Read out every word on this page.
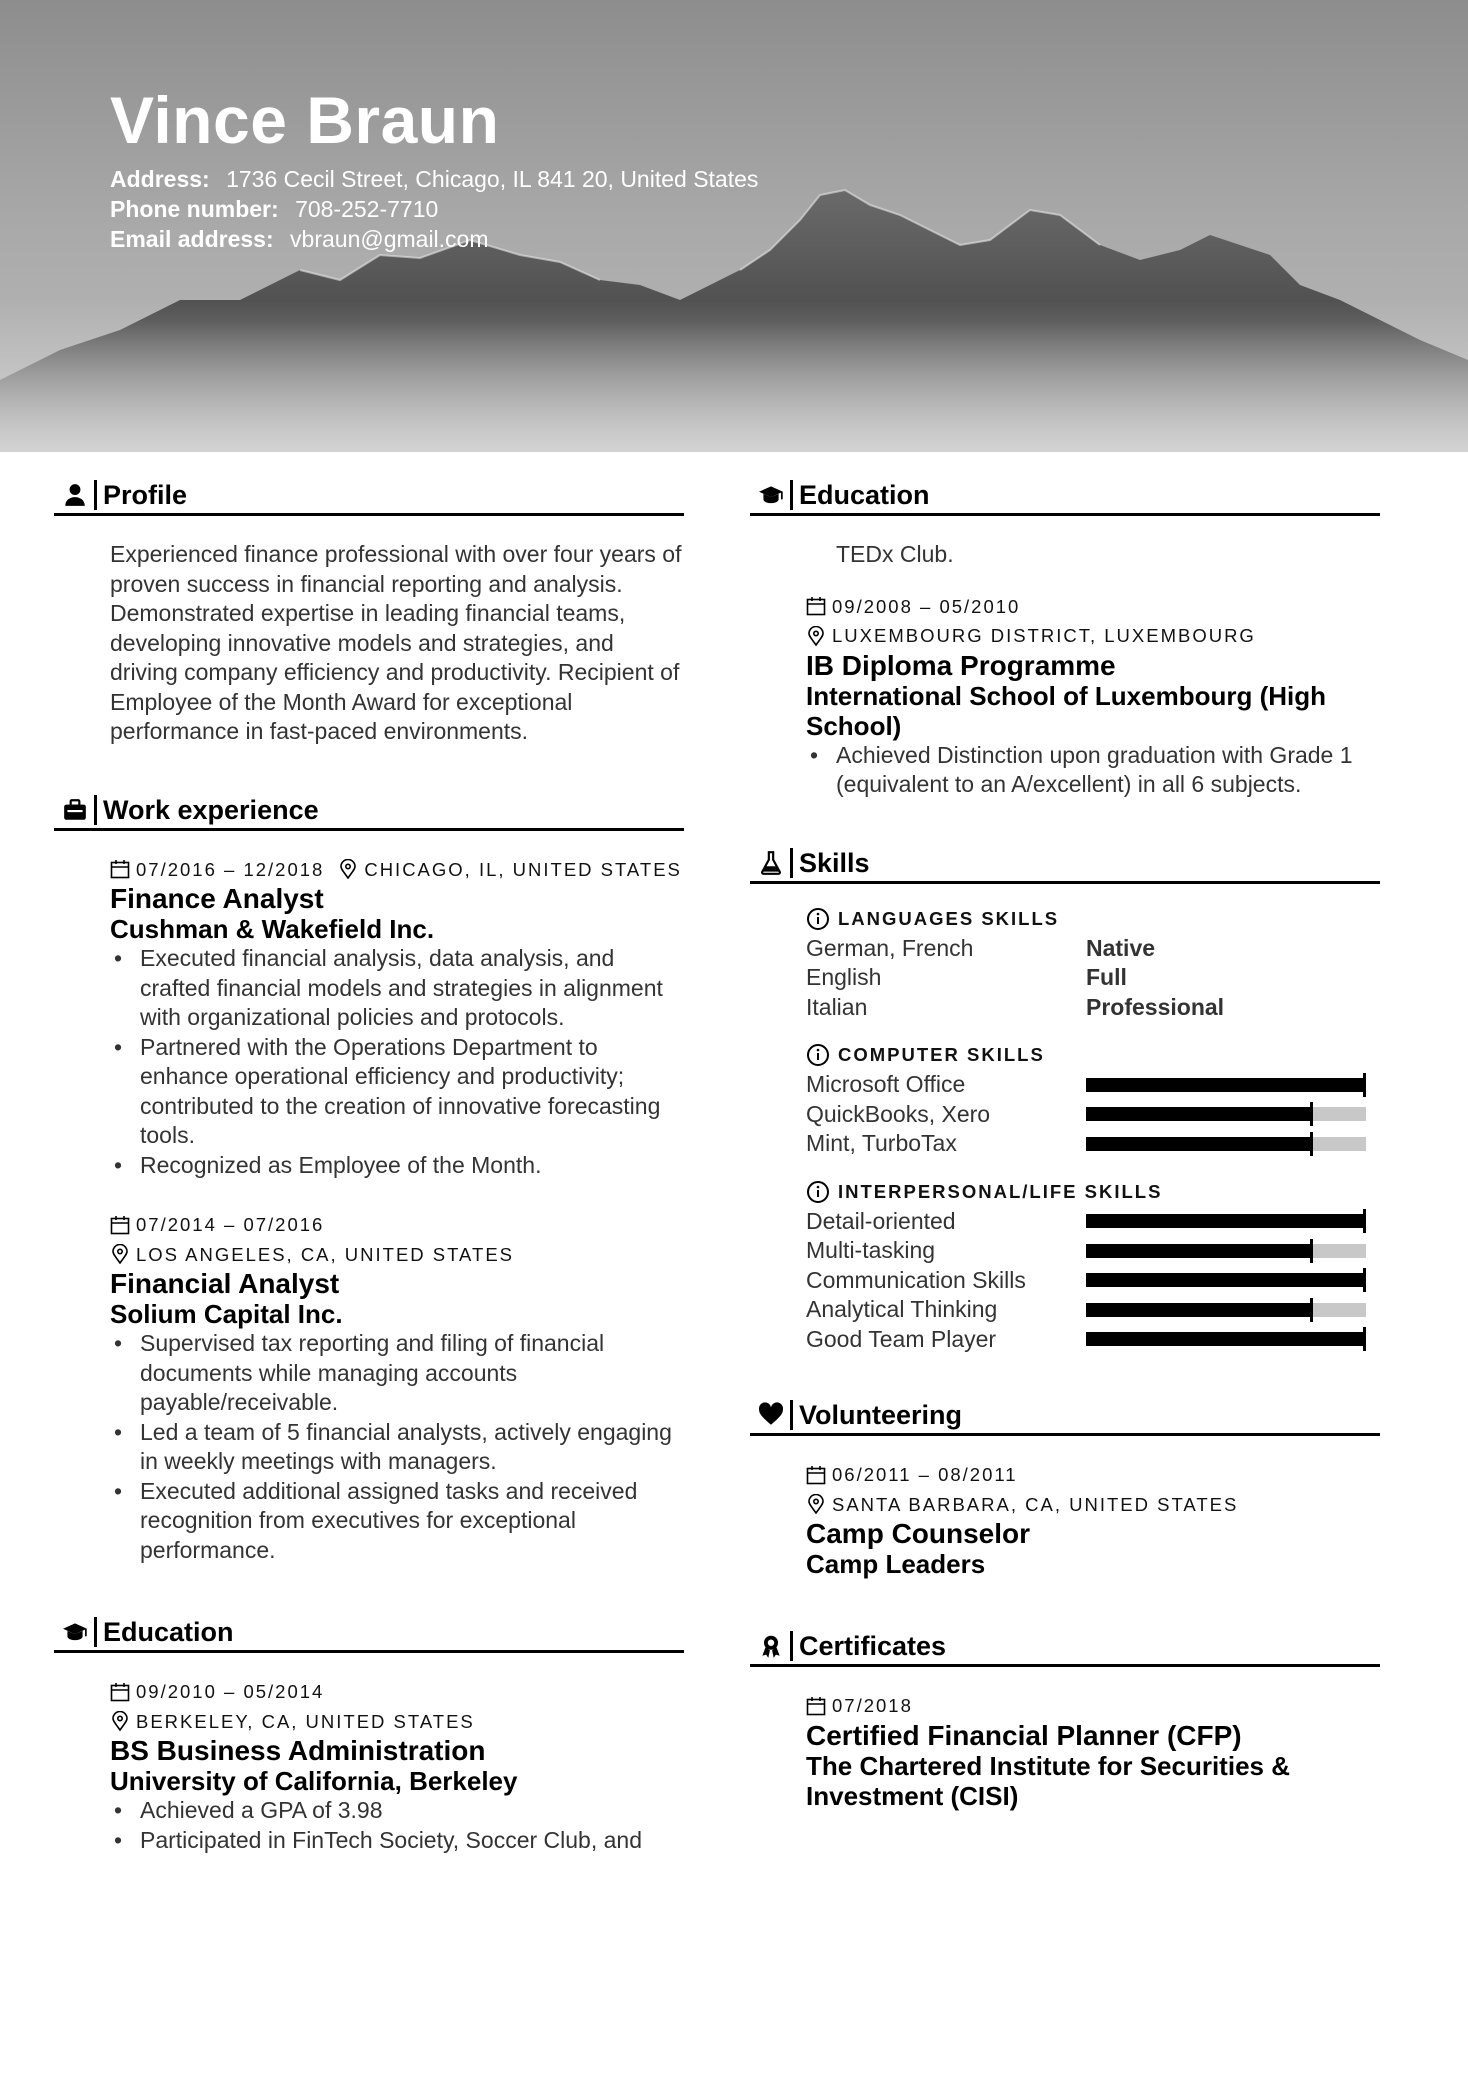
Vince Braun
Address: 1736 Cecil Street, Chicago, IL 841 20, United States
Phone number: 708-252-7710
Email address: vbraun@gmail.com
Profile

Experienced finance professional with over four years of proven success in financial reporting and analysis. Demonstrated expertise in leading financial teams, developing innovative models and strategies, and driving company efficiency and productivity. Recipient of Employee of the Month Award for exceptional performance in fast-paced environments.

Work experience
07/2016 – 12/2018 CHICAGO, IL, UNITED STATES
Finance Analyst
Cushman & Wakefield Inc.
• Executed financial analysis, data analysis, and crafted financial models and strategies in alignment with organizational policies and protocols.
• Partnered with the Operations Department to enhance operational efficiency and productivity; contributed to the creation of innovative forecasting tools.
• Recognized as Employee of the Month.
07/2014 – 07/2016
LOS ANGELES, CA, UNITED STATES
Financial Analyst
Solium Capital Inc.
• Supervised tax reporting and filing of financial documents while managing accounts payable/receivable.
• Led a team of 5 financial analysts, actively engaging in weekly meetings with managers.
• Executed additional assigned tasks and received recognition from executives for exceptional performance.
Education
09/2010 – 05/2014
BERKELEY, CA, UNITED STATES
BS Business Administration
University of California, Berkeley
• Achieved a GPA of 3.98
• Participated in FinTech Society, Soccer Club, and
Education
TEDx Club.
09/2008 – 05/2010
LUXEMBOURG DISTRICT, LUXEMBOURG
IB Diploma Programme
International School of Luxembourg (High School)
• Achieved Distinction upon graduation with Grade 1 (equivalent to an A/excellent) in all 6 subjects.
Skills
LANGUAGES SKILLS
German, French	Native
English	Full
Italian	Professional
COMPUTER SKILLS
Microsoft Office
QuickBooks, Xero
Mint, TurboTax
INTERPERSONAL/LIFE SKILLS
Detail-oriented
Multi-tasking
Communication Skills
Analytical Thinking
Good Team Player
Volunteering
06/2011 – 08/2011
SANTA BARBARA, CA, UNITED STATES
Camp Counselor
Camp Leaders
Certificates
07/2018
Certified Financial Planner (CFP)
The Chartered Institute for Securities & Investment (CISI)
